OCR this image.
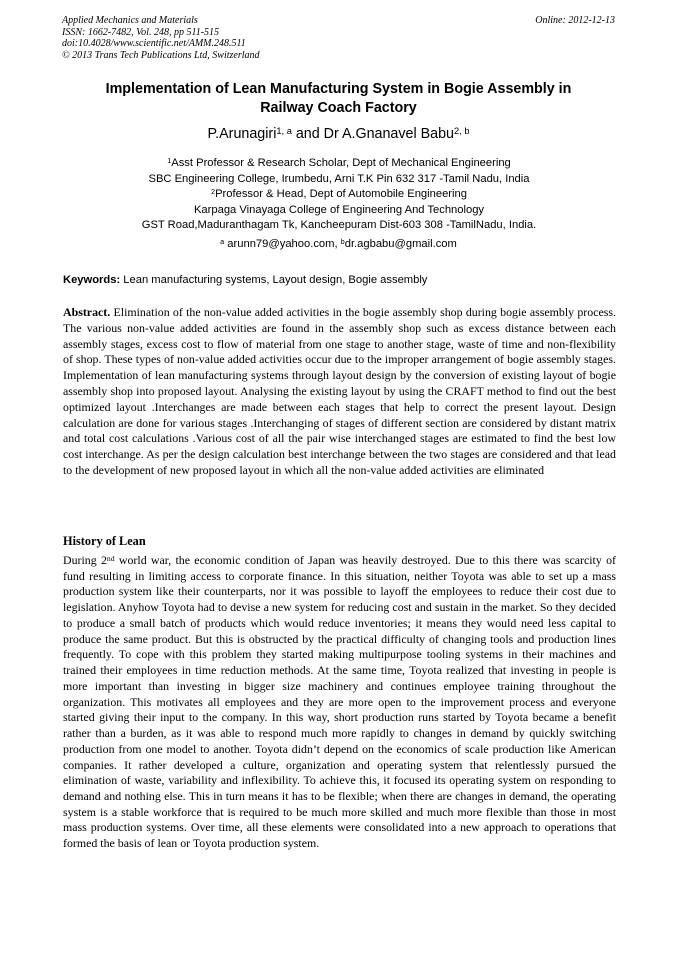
Applied Mechanics and Materials
ISSN: 1662-7482, Vol. 248, pp 511-515
doi:10.4028/www.scientific.net/AMM.248.511
© 2013 Trans Tech Publications Ltd, Switzerland
Online: 2012-12-13
Implementation of Lean Manufacturing System in Bogie Assembly in
Railway Coach Factory
P.Arunagiri$^{1, a}$ and Dr A.Gnanavel Babu$^{2, b}$
$^1$Asst Professor & Research Scholar, Dept of Mechanical Engineering
SBC Engineering College, Irumbedu, Arni T.K Pin 632 317 -Tamil Nadu, India
$^2$Professor & Head, Dept of Automobile Engineering
Karpaga Vinayaga College of Engineering And Technology
GST Road,Maduranthagam Tk, Kancheepuram Dist-603 308 -TamilNadu, India.
$^a$ arunn79@yahoo.com, $^b$dr.agbabu@gmail.com
Keywords: Lean manufacturing systems, Layout design, Bogie assembly
Abstract. Elimination of the non-value added activities in the bogie assembly shop during bogie assembly process. The various non-value added activities are found in the assembly shop such as excess distance between each assembly stages, excess cost to flow of material from one stage to another stage, waste of time and non-flexibility of shop. These types of non-value added activities occur due to the improper arrangement of bogie assembly stages. Implementation of lean manufacturing systems through layout design by the conversion of existing layout of bogie assembly shop into proposed layout. Analysing the existing layout by using the CRAFT method to find out the best optimized layout .Interchanges are made between each stages that help to correct the present layout. Design calculation are done for various stages .Interchanging of stages of different section are considered by distant matrix and total cost calculations .Various cost of all the pair wise interchanged stages are estimated to find the best low cost interchange. As per the design calculation best interchange between the two stages are considered and that lead to the development of new proposed layout in which all the non-value added activities are eliminated
History of Lean
During 2nd world war, the economic condition of Japan was heavily destroyed. Due to this there was scarcity of fund resulting in limiting access to corporate finance. In this situation, neither Toyota was able to set up a mass production system like their counterparts, nor it was possible to layoff the employees to reduce their cost due to legislation. Anyhow Toyota had to devise a new system for reducing cost and sustain in the market. So they decided to produce a small batch of products which would reduce inventories; it means they would need less capital to produce the same product. But this is obstructed by the practical difficulty of changing tools and production lines frequently. To cope with this problem they started making multipurpose tooling systems in their machines and trained their employees in time reduction methods. At the same time, Toyota realized that investing in people is more important than investing in bigger size machinery and continues employee training throughout the organization. This motivates all employees and they are more open to the improvement process and everyone started giving their input to the company. In this way, short production runs started by Toyota became a benefit rather than a burden, as it was able to respond much more rapidly to changes in demand by quickly switching production from one model to another. Toyota didn’t depend on the economics of scale production like American companies. It rather developed a culture, organization and operating system that relentlessly pursued the elimination of waste, variability and inflexibility. To achieve this, it focused its operating system on responding to demand and nothing else. This in turn means it has to be flexible; when there are changes in demand, the operating system is a stable workforce that is required to be much more skilled and much more flexible than those in most mass production systems. Over time, all these elements were consolidated into a new approach to operations that formed the basis of lean or Toyota production system.
